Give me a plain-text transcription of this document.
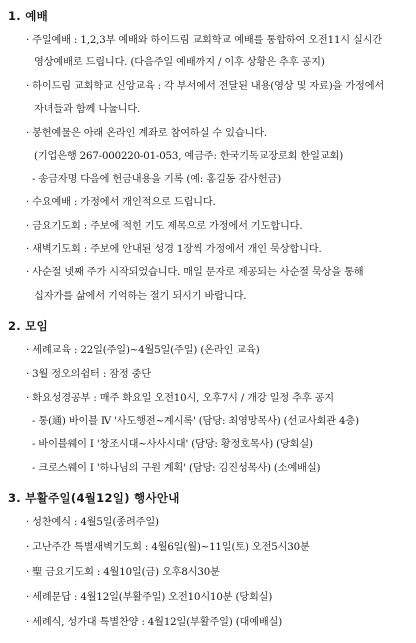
1. 예배
· 주일예배 : 1,2,3부 예배와 하이드림 교회학교 예배를 통합하여 오전11시 실시간
영상예배로 드립니다. (다음주일 예배까지 / 이후 상황은 추후 공지)
· 하이드림 교회학교 신앙교육 : 각 부서에서 전달된 내용(영상 및 자료)을 가정에서
자녀들과 함께 나눕니다.
· 봉헌예물은 아래 온라인 계좌로 참여하실 수 있습니다.
(기업은행 267-000220-01-053, 예금주: 한국기독교장로회 한일교회)
- 송금자명 다음에 헌금내용을 기록 (예: 홍길동 감사헌금)
· 수요예배 : 가정에서 개인적으로 드립니다.
· 금요기도회 : 주보에 적힌 기도 제목으로 가정에서 기도합니다.
· 새벽기도회 : 주보에 안내된 성경 1장씩 가정에서 개인 묵상합니다.
· 사순절 넷째 주가 시작되었습니다. 매일 문자로 제공되는 사순절 묵상을 통해
십자가를 삶에서 기억하는 절기 되시기 바랍니다.
2. 모임
· 세례교육 : 22일(주일)~4월5일(주일) (온라인 교육)
· 3월 정오의쉼터 : 잠정 중단
· 화요성경공부 : 매주 화요일 오전10시, 오후7시 / 개강 일정 추후 공지
- 통(通) 바이블 Ⅳ '사도행전~계시록' (담당: 최영망목사) (선교사회관 4층)
- 바이블웨이 I '창조시대~사사시대' (담당: 황정호목사) (당회실)
- 크로스웨이 I '하나님의 구원 계획' (담당: 김진성목사) (소예배실)
3. 부활주일(4월12일) 행사안내
· 성찬예식 : 4월5일(종려주일)
· 고난주간 특별새벽기도회 : 4월6일(월)~11일(토) 오전5시30분
· 聖 금요기도회 : 4월10일(금) 오후8시30분
· 세례문답 : 4월12일(부활주일) 오전10시10분 (당회실)
· 세례식, 성가대 특별찬양 : 4월12일(부활주일) (대예배실)
